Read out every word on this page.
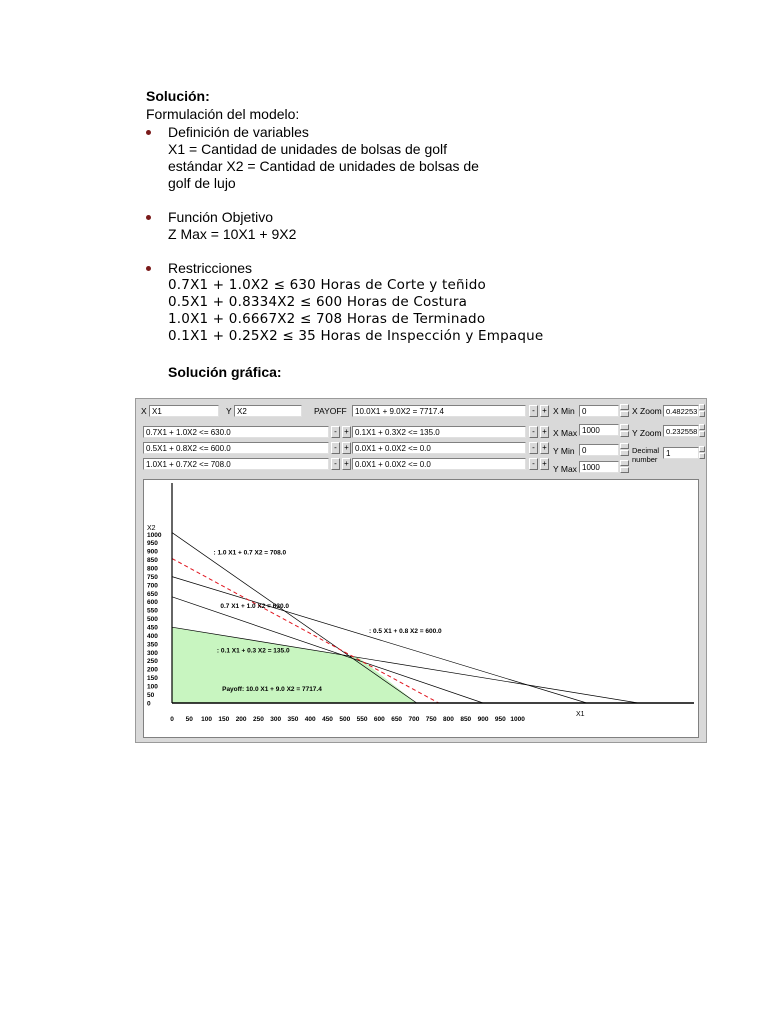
Solución:
Formulación del modelo:
Definición de variables
X1 = Cantidad de unidades de bolsas de golf
estándar X2 = Cantidad de unidades de bolsas de
golf de lujo
Función Objetivo
Z Max = 10X1 + 9X2
Restricciones
0.7X1 + 1.0X2 ≤ 630 Horas de Corte y teñido
0.5X1 + 0.8334X2 ≤ 600 Horas de Costura
1.0X1 + 0.6667X2 ≤ 708 Horas de Terminado
0.1X1 + 0.25X2 ≤ 35 Horas de Inspección y Empaque
Solución gráfica:
X X1	Y X2	PAYOFF	10.0X1 + 9.0X2 = 7717.4	- +
0.7X1 + 1.0X2 <= 630.0	- + 0.1X1 + 0.3X2 <= 135.0	- +
0.5X1 + 0.8X2 <= 600.0	- + 0.0X1 + 0.0X2 <= 0.0	- +
1.0X1 + 0.7X2 <= 708.0	- + 0.0X1 + 0.0X2 <= 0.0	- +
X Min 0
X Max 1000
Y Min 0
Y Max 1000
X Zoom 0.482253
Y Zoom 0.232558
Decimal
number
1
0 50 100 150 200 250 300 350 400 450 500 550 600 650 700 750 800 850 900 950 1000
0
50
100
150
200
250
300
350
400
450
500
550
600
650
700
750
800
850
900
950
1000
X1
X2
: 1.0 X1 + 0.7 X2 = 708.0
0.7 X1 + 1.0 X2 = 630.0
: 0.5 X1 + 0.8 X2 = 600.0
: 0.1 X1 + 0.3 X2 = 135.0
Payoff: 10.0 X1 + 9.0 X2 = 7717.4
